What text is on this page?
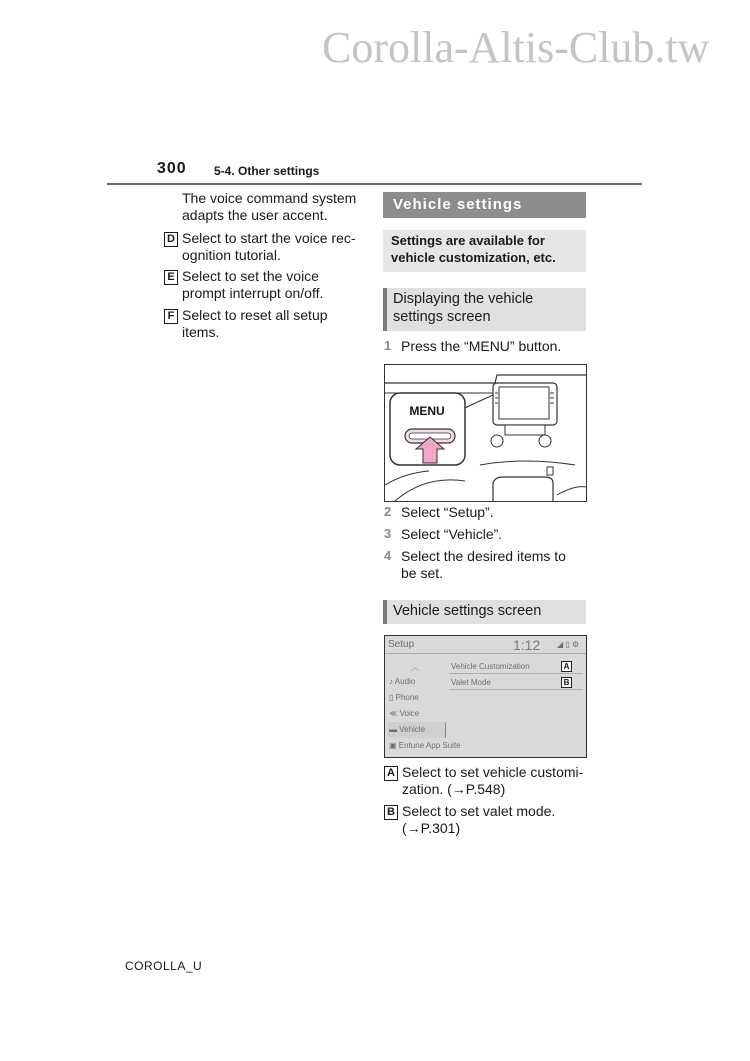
Corolla-Altis-Club.tw
300 5-4. Other settings
The voice command system
adapts the user accent.
D Select to start the voice rec-
ognition tutorial.
E Select to set the voice
prompt interrupt on/off.
F Select to reset all setup
items.
Vehicle settings
Settings are available for
vehicle customization, etc.
Displaying the vehicle
settings screen
1 Press the “MENU” button.
MENU
2 Select “Setup”.
3 Select “Vehicle”.
4 Select the desired items to
be set.
Vehicle settings screen
Setup	1:12 ◢ ▯ ⚙
︿
♪ Audio
▯ Phone
≪ Voice
▬ Vehicle
▣ Entune App Suite
Vehicle Customization
Valet Mode
A
B
A Select to set vehicle customi-
zation. (→P.548)
B Select to set valet mode.
(→P.301)
COROLLA_U
